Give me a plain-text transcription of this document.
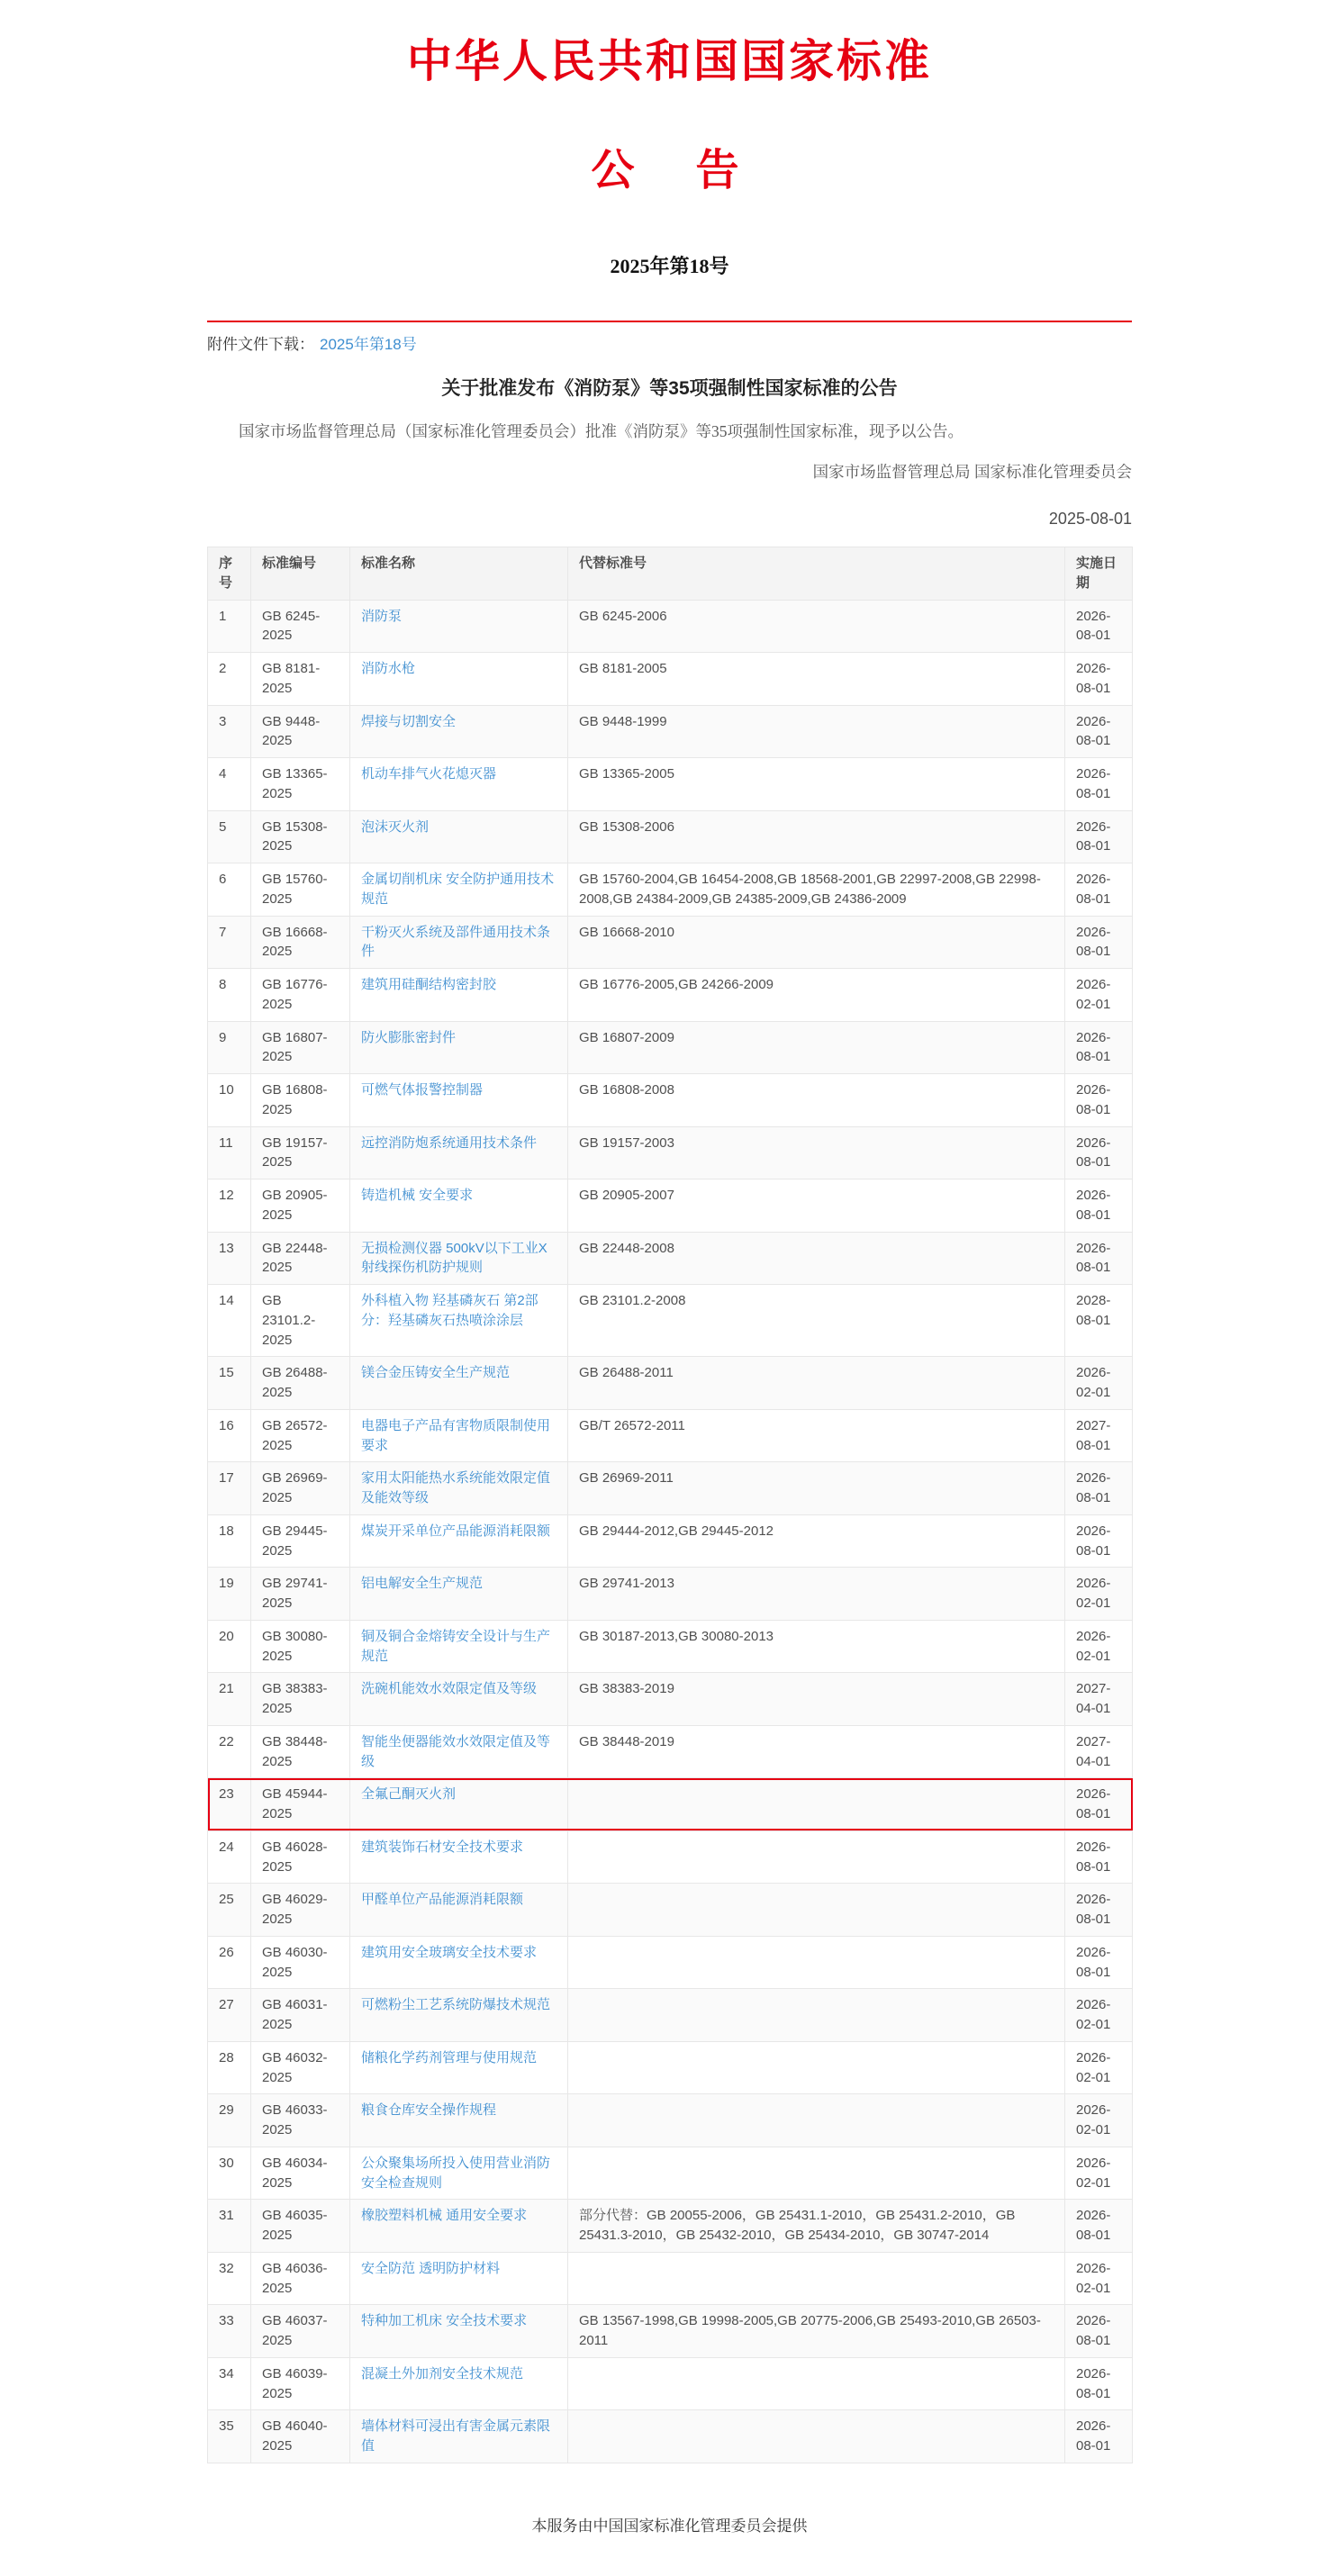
中华人民共和国国家标准
公　告
2025年第18号
附件文件下载： 2025年第18号
关于批准发布《消防泵》等35项强制性国家标准的公告
国家市场监督管理总局（国家标准化管理委员会）批准《消防泵》等35项强制性国家标准，现予以公告。
国家市场监督管理总局 国家标准化管理委员会
2025-08-01
序号	标准编号	标准名称	代替标准号	实施日期
1	GB 6245-2025	消防泵	GB 6245-2006	2026-08-01
2	GB 8181-2025	消防水枪	GB 8181-2005	2026-08-01
3	GB 9448-2025	焊接与切割安全	GB 9448-1999	2026-08-01
4	GB 13365-2025	机动车排气火花熄灭器	GB 13365-2005	2026-08-01
5	GB 15308-2025	泡沫灭火剂	GB 15308-2006	2026-08-01
6	GB 15760-2025	金属切削机床 安全防护通用技术规范	GB 15760-2004,GB 16454-2008,GB 18568-2001,GB 22997-2008,GB 22998-2008,GB 24384-2009,GB 24385-2009,GB 24386-2009	2026-08-01
7	GB 16668-2025	干粉灭火系统及部件通用技术条件	GB 16668-2010	2026-08-01
8	GB 16776-2025	建筑用硅酮结构密封胶	GB 16776-2005,GB 24266-2009	2026-02-01
9	GB 16807-2025	防火膨胀密封件	GB 16807-2009	2026-08-01
10	GB 16808-2025	可燃气体报警控制器	GB 16808-2008	2026-08-01
11	GB 19157-2025	远控消防炮系统通用技术条件	GB 19157-2003	2026-08-01
12	GB 20905-2025	铸造机械 安全要求	GB 20905-2007	2026-08-01
13	GB 22448-2025	无损检测仪器 500kV以下工业X射线探伤机防护规则	GB 22448-2008	2026-08-01
14	GB 23101.2-2025	外科植入物 羟基磷灰石 第2部分：羟基磷灰石热喷涂涂层	GB 23101.2-2008	2028-08-01
15	GB 26488-2025	镁合金压铸安全生产规范	GB 26488-2011	2026-02-01
16	GB 26572-2025	电器电子产品有害物质限制使用要求	GB/T 26572-2011	2027-08-01
17	GB 26969-2025	家用太阳能热水系统能效限定值及能效等级	GB 26969-2011	2026-08-01
18	GB 29445-2025	煤炭开采单位产品能源消耗限额	GB 29444-2012,GB 29445-2012	2026-08-01
19	GB 29741-2025	铝电解安全生产规范	GB 29741-2013	2026-02-01
20	GB 30080-2025	铜及铜合金熔铸安全设计与生产规范	GB 30187-2013,GB 30080-2013	2026-02-01
21	GB 38383-2025	洗碗机能效水效限定值及等级	GB 38383-2019	2027-04-01
22	GB 38448-2025	智能坐便器能效水效限定值及等级	GB 38448-2019	2027-04-01
23	GB 45944-2025	全氟己酮灭火剂		2026-08-01
24	GB 46028-2025	建筑装饰石材安全技术要求		2026-08-01
25	GB 46029-2025	甲醛单位产品能源消耗限额		2026-08-01
26	GB 46030-2025	建筑用安全玻璃安全技术要求		2026-08-01
27	GB 46031-2025	可燃粉尘工艺系统防爆技术规范		2026-02-01
28	GB 46032-2025	储粮化学药剂管理与使用规范		2026-02-01
29	GB 46033-2025	粮食仓库安全操作规程		2026-02-01
30	GB 46034-2025	公众聚集场所投入使用营业消防安全检查规则		2026-02-01
31	GB 46035-2025	橡胶塑料机械 通用安全要求	部分代替：GB 20055-2006，GB 25431.1-2010，GB 25431.2-2010，GB 25431.3-2010，GB 25432-2010，GB 25434-2010，GB 30747-2014	2026-08-01
32	GB 46036-2025	安全防范 透明防护材料		2026-02-01
33	GB 46037-2025	特种加工机床 安全技术要求	GB 13567-1998,GB 19998-2005,GB 20775-2006,GB 25493-2010,GB 26503-2011	2026-08-01
34	GB 46039-2025	混凝土外加剂安全技术规范		2026-08-01
35	GB 46040-2025	墙体材料可浸出有害金属元素限值		2026-08-01
本服务由中国国家标准化管理委员会提供
